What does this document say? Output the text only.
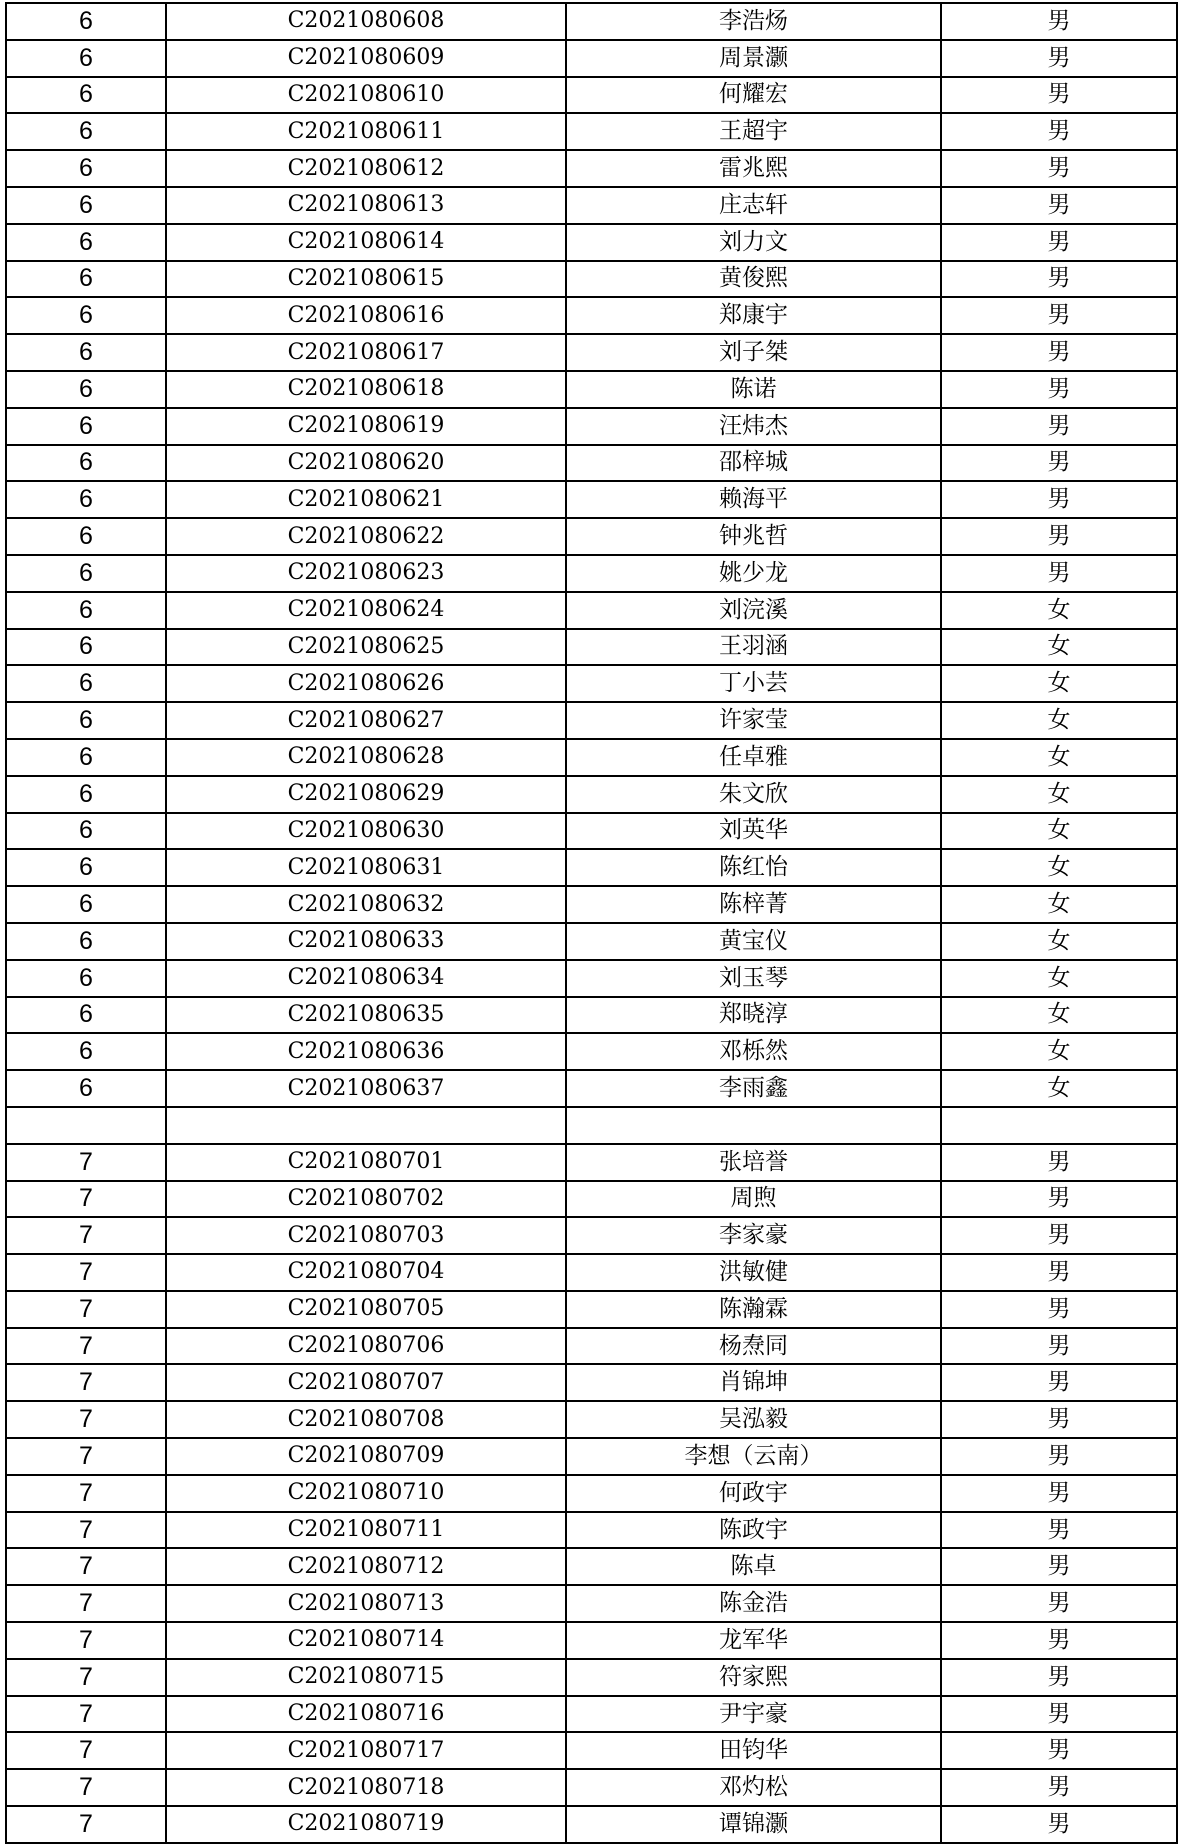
6	C2021080608	李浩炀	男
6	C2021080609	周景灏	男
6	C2021080610	何耀宏	男
6	C2021080611	王超宇	男
6	C2021080612	雷兆熙	男
6	C2021080613	庄志轩	男
6	C2021080614	刘力文	男
6	C2021080615	黄俊熙	男
6	C2021080616	郑康宇	男
6	C2021080617	刘子桀	男
6	C2021080618	陈诺	男
6	C2021080619	汪炜杰	男
6	C2021080620	邵梓城	男
6	C2021080621	赖海平	男
6	C2021080622	钟兆哲	男
6	C2021080623	姚少龙	男
6	C2021080624	刘浣溪	女
6	C2021080625	王羽涵	女
6	C2021080626	丁小芸	女
6	C2021080627	许家莹	女
6	C2021080628	任卓雅	女
6	C2021080629	朱文欣	女
6	C2021080630	刘英华	女
6	C2021080631	陈红怡	女
6	C2021080632	陈梓菁	女
6	C2021080633	黄宝仪	女
6	C2021080634	刘玉琴	女
6	C2021080635	郑晓淳	女
6	C2021080636	邓栎然	女
6	C2021080637	李雨鑫	女

7	C2021080701	张培誉	男
7	C2021080702	周煦	男
7	C2021080703	李家豪	男
7	C2021080704	洪敏健	男
7	C2021080705	陈瀚霖	男
7	C2021080706	杨焘同	男
7	C2021080707	肖锦坤	男
7	C2021080708	吴泓毅	男
7	C2021080709	李想（云南）	男
7	C2021080710	何政宇	男
7	C2021080711	陈政宇	男
7	C2021080712	陈卓	男
7	C2021080713	陈金浩	男
7	C2021080714	龙军华	男
7	C2021080715	符家熙	男
7	C2021080716	尹宇豪	男
7	C2021080717	田钧华	男
7	C2021080718	邓灼松	男
7	C2021080719	谭锦灏	男
